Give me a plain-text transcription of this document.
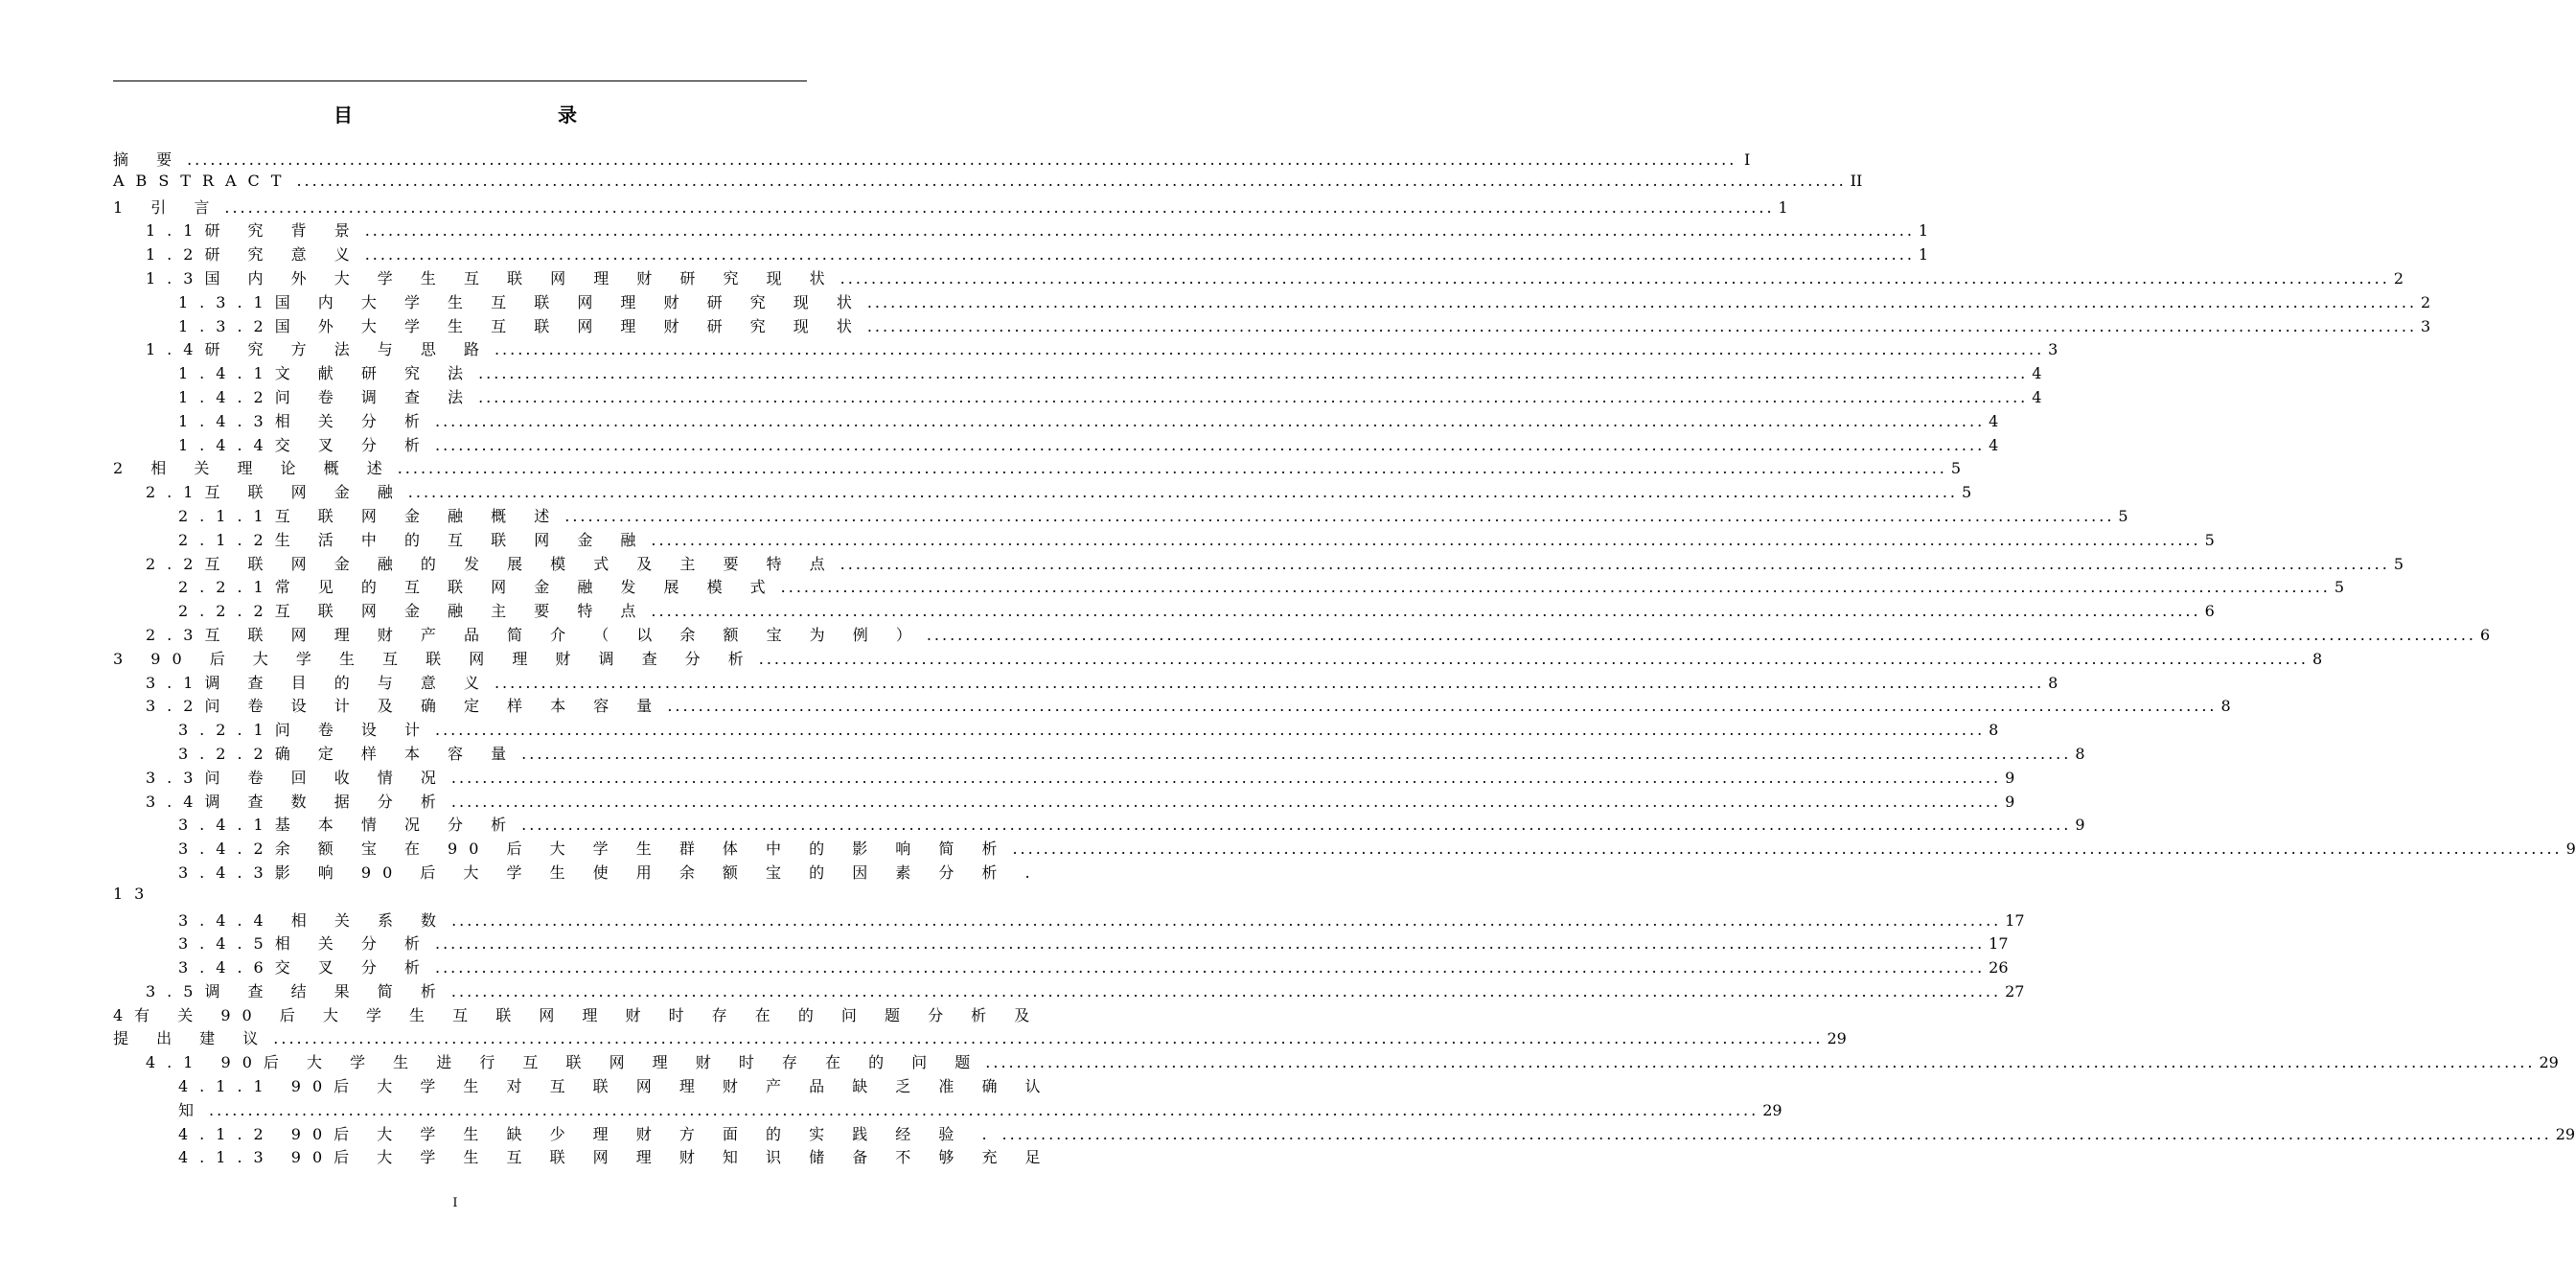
目　　录
摘 要 ........................................................................................................................................................................................................ I
ABSTRACT ........................................................................................................................................................................................................ II
1 引 言 ........................................................................................................................................................................................................ 1
1.1研 究 背 景 ........................................................................................................................................................................................................ 1
1.2研 究 意 义 ........................................................................................................................................................................................................ 1
1.3国 内 外 大 学 生 互 联 网 理 财 研 究 现 状 ........................................................................................................................................................................................................ 2
1.3.1国 内 大 学 生 互 联 网 理 财 研 究 现 状 ........................................................................................................................................................................................................ 2
1.3.2国 外 大 学 生 互 联 网 理 财 研 究 现 状 ........................................................................................................................................................................................................ 3
1.4研 究 方 法 与 思 路 ........................................................................................................................................................................................................ 3
1.4.1文 献 研 究 法 ........................................................................................................................................................................................................ 4
1.4.2问 卷 调 查 法 ........................................................................................................................................................................................................ 4
1.4.3相 关 分 析 ........................................................................................................................................................................................................ 4
1.4.4交 叉 分 析 ........................................................................................................................................................................................................ 4
2 相 关 理 论 概 述 ........................................................................................................................................................................................................ 5
2.1互 联 网 金 融 ........................................................................................................................................................................................................ 5
2.1.1互 联 网 金 融 概 述 ........................................................................................................................................................................................................ 5
2.1.2生 活 中 的 互 联 网 金 融 ........................................................................................................................................................................................................ 5
2.2互 联 网 金 融 的 发 展 模 式 及 主 要 特 点 ........................................................................................................................................................................................................ 5
2.2.1常 见 的 互 联 网 金 融 发 展 模 式 ........................................................................................................................................................................................................ 5
2.2.2互 联 网 金 融 主 要 特 点 ........................................................................................................................................................................................................ 6
2.3互 联 网 理 财 产 品 简 介 （ 以 余 额 宝 为 例 ） ........................................................................................................................................................................................................ 6
3 90 后 大 学 生 互 联 网 理 财 调 查 分 析 ........................................................................................................................................................................................................ 8
3.1调 查 目 的 与 意 义 ........................................................................................................................................................................................................ 8
3.2问 卷 设 计 及 确 定 样 本 容 量 ........................................................................................................................................................................................................ 8
3.2.1问 卷 设 计 ........................................................................................................................................................................................................ 8
3.2.2确 定 样 本 容 量 ........................................................................................................................................................................................................ 8
3.3问 卷 回 收 情 况 ........................................................................................................................................................................................................ 9
3.4调 查 数 据 分 析 ........................................................................................................................................................................................................ 9
3.4.1基 本 情 况 分 析 ........................................................................................................................................................................................................ 9
3.4.2余 额 宝 在 90 后 大 学 生 群 体 中 的 影 响 简 析 ........................................................................................................................................................................................................ 9
3.4.3影 响 90 后 大 学 生 使 用 余 额 宝 的 因 素 分 析 .
13
3.4.4 相 关 系 数 ........................................................................................................................................................................................................ 17
3.4.5相 关 分 析 ........................................................................................................................................................................................................ 17
3.4.6交 叉 分 析 ........................................................................................................................................................................................................ 26
3.5调 查 结 果 简 析 ........................................................................................................................................................................................................ 27
4有 关 90 后 大 学 生 互 联 网 理 财 时 存 在 的 问 题 分 析 及
提 出 建 议 ........................................................................................................................................................................................................ 29
4.1 90后 大 学 生 进 行 互 联 网 理 财 时 存 在 的 问 题 ........................................................................................................................................................................................................ 29
4.1.1 90后 大 学 生 对 互 联 网 理 财 产 品 缺 乏 准 确 认
知 ........................................................................................................................................................................................................ 29
4.1.2 90后 大 学 生 缺 少 理 财 方 面 的 实 践 经 验 . ........................................................................................................................................................................................................ 29
4.1.3 90后 大 学 生 互 联 网 理 财 知 识 储 备 不 够 充 足
I
